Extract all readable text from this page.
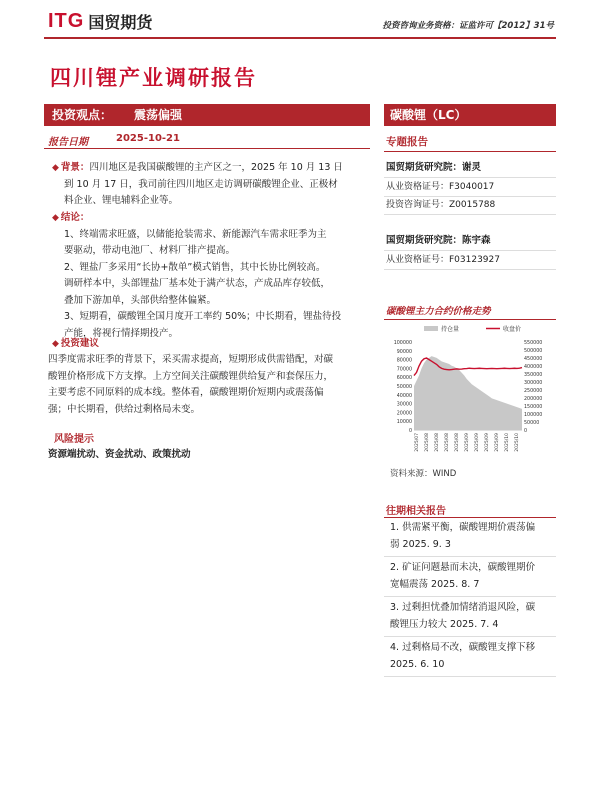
ITG 国贸期货	投资咨询业务资格：证监许可【2012】31号
四川锂产业调研报告
投资观点： 震荡偏强
报告日期	2025-10-21
◆ 背景：四川地区是我国碳酸锂的主产区之一，2025 年 10 月 13 日
到 10 月 17 日，我司前往四川地区走访调研碳酸锂企业、正极材
料企业、锂电辅料企业等。
◆ 结论：
1、终端需求旺盛，以储能抢装需求、新能源汽车需求旺季为主
要驱动，带动电池厂、材料厂排产提高。
2、锂盐厂多采用“长协+散单”模式销售，其中长协比例较高。
调研样本中，头部锂盐厂基本处于满产状态，产成品库存较低，
叠加下游加单，头部供给整体偏紧。
3、短期看，碳酸锂全国月度开工率约 50%；中长期看，锂盐待投
产能，将视行情择期投产。
◆ 投资建议
四季度需求旺季的背景下，采买需求提高，短期形成供需错配，对碳
酸锂价格形成下方支撑。上方空间关注碳酸锂供给复产和套保压力，
主要考虑不同原料的成本线。整体看，碳酸锂期价短期内或震荡偏
强；中长期看，供给过剩格局未变。
风险提示
资源端扰动、资金扰动、政策扰动
碳酸锂（LC）
专题报告
国贸期货研究院：谢灵
从业资格证号：F3040017
投资咨询证号：Z0015788
国贸期货研究院：陈宇森
从业资格证号：F03123927
碳酸锂主力合约价格走势
持仓量	收盘价
100000
90000
80000
70000
60000
50000
40000
30000
20000
10000
0
550000
500000
450000
400000
350000
300000
250000
200000
150000
100000
50000
0
2025/07 2025/08 2025/08 2025/08 2025/08 2025/09 2025/09 2025/09 2025/09 2025/10 2025/10
资料来源：WIND
往期相关报告
1. 供需紧平衡，碳酸锂期价震荡偏
弱 2025. 9. 3
2. 矿证问题悬而未决，碳酸锂期价
宽幅震荡 2025. 8. 7
3. 过剩担忧叠加情绪消退风险，碳
酸锂压力较大 2025. 7. 4
4. 过剩格局不改，碳酸锂支撑下移
2025. 6. 10
